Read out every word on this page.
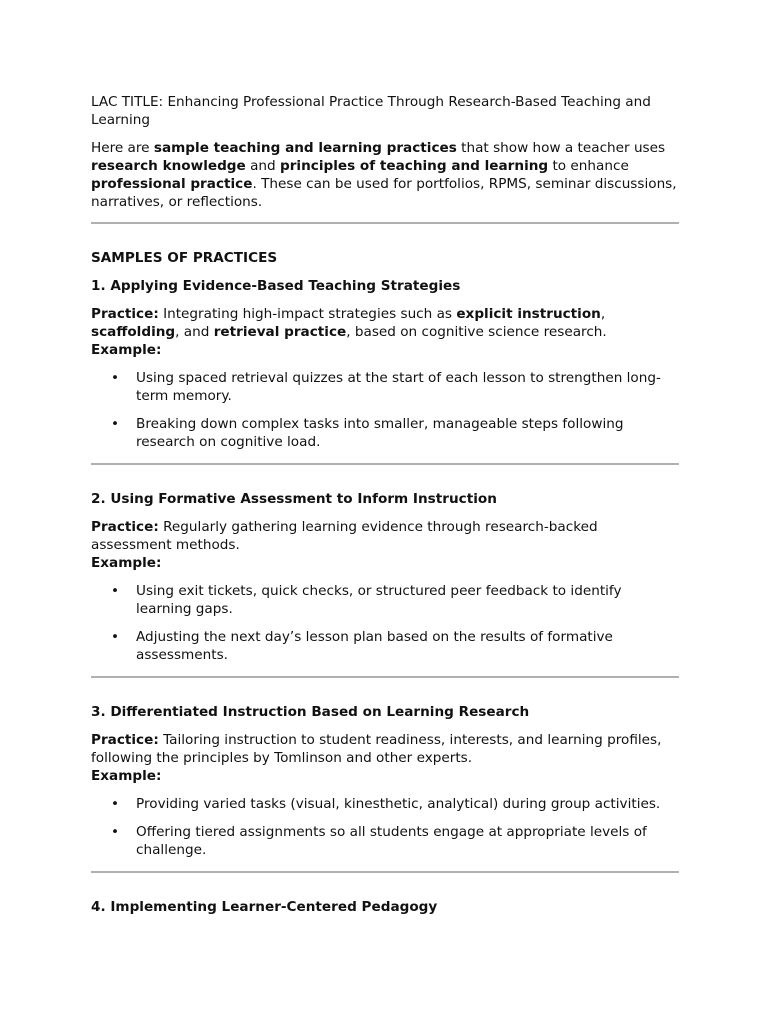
LAC TITLE: Enhancing Professional Practice Through Research-Based Teaching and Learning

Here are sample teaching and learning practices that show how a teacher uses research knowledge and principles of teaching and learning to enhance professional practice. These can be used for portfolios, RPMS, seminar discussions, narratives, or reflections.

SAMPLES OF PRACTICES

1. Applying Evidence-Based Teaching Strategies

Practice: Integrating high-impact strategies such as explicit instruction, scaffolding, and retrieval practice, based on cognitive science research.

Example:

• Using spaced retrieval quizzes at the start of each lesson to strengthen long-term memory.
• Breaking down complex tasks into smaller, manageable steps following research on cognitive load.

2. Using Formative Assessment to Inform Instruction

Practice: Regularly gathering learning evidence through research-backed assessment methods.

Example:

• Using exit tickets, quick checks, or structured peer feedback to identify learning gaps.
• Adjusting the next day’s lesson plan based on the results of formative assessments.

3. Differentiated Instruction Based on Learning Research

Practice: Tailoring instruction to student readiness, interests, and learning profiles, following the principles by Tomlinson and other experts.

Example:

• Providing varied tasks (visual, kinesthetic, analytical) during group activities.
• Offering tiered assignments so all students engage at appropriate levels of challenge.

4. Implementing Learner-Centered Pedagogy
